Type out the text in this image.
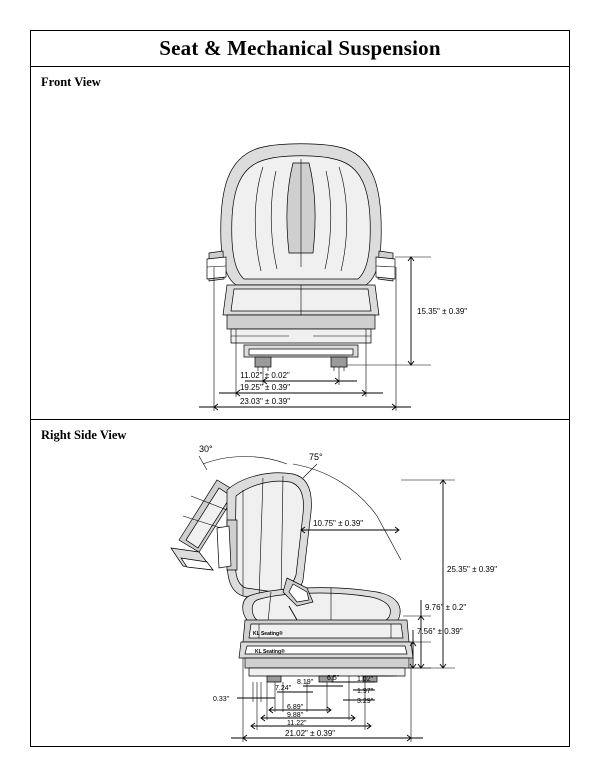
Seat & Mechanical Suspension
Front View
15.35" ± 0.39"
11.02" ± 0.02"
19.25" ± 0.39"
23.03" ± 0.39"
Right Side View
30°
75°
KL Seating®
KL Seating®
10.75" ± 0.39"
25.35" ± 0.39"
9.76" ± 0.2"
7.56" ± 0.39"
0.33"
7.24"
8.19"
6.5"	1.02"
1.97"
3.29"
6.89"
9.88"
11.22"
21.02" ± 0.39"
